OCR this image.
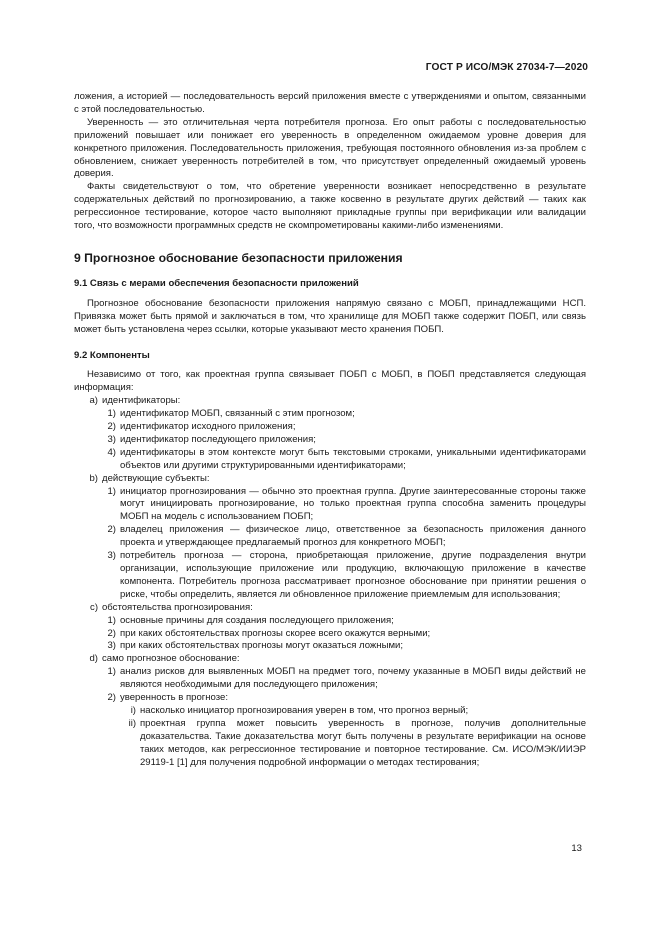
ГОСТ Р ИСО/МЭК 27034-7—2020

ложения, а историей — последовательность версий приложения вместе с утверждениями и опытом, связанными с этой последовательностью.

Уверенность — это отличительная черта потребителя прогноза. Его опыт работы с последовательностью приложений повышает или понижает его уверенность в определенном ожидаемом уровне доверия для конкретного приложения. Последовательность приложения, требующая постоянного обновления из-за проблем с обновлением, снижает уверенность потребителей в том, что присутствует определенный ожидаемый уровень доверия.

Факты свидетельствуют о том, что обретение уверенности возникает непосредственно в результате содержательных действий по прогнозированию, а также косвенно в результате других действий — таких как регрессионное тестирование, которое часто выполняют прикладные группы при верификации или валидации того, что возможности программных средств не скомпрометированы какими-либо изменениями.

9 Прогнозное обоснование безопасности приложения
9.1 Связь с мерами обеспечения безопасности приложений

Прогнозное обоснование безопасности приложения напрямую связано с МОБП, принадлежащими НСП. Привязка может быть прямой и заключаться в том, что хранилище для МОБП также содержит ПОБП, или связь может быть установлена через ссылки, которые указывают место хранения ПОБП.

9.2 Компоненты

Независимо от того, как проектная группа связывает ПОБП с МОБП, в ПОБП представляется следующая информация:

a) идентификаторы:
1) идентификатор МОБП, связанный с этим прогнозом;
2) идентификатор исходного приложения;
3) идентификатор последующего приложения;
4) идентификаторы в этом контексте могут быть текстовыми строками, уникальными идентификаторами объектов или другими структурированными идентификаторами;
b) действующие субъекты:
1) инициатор прогнозирования — обычно это проектная группа. Другие заинтересованные стороны также могут инициировать прогнозирование, но только проектная группа способна заменить процедуры МОБП на модель с использованием ПОБП;
2) владелец приложения — физическое лицо, ответственное за безопасность приложения данного проекта и утверждающее предлагаемый прогноз для конкретного МОБП;
3) потребитель прогноза — сторона, приобретающая приложение, другие подразделения внутри организации, использующие приложение или продукцию, включающую приложение в качестве компонента. Потребитель прогноза рассматривает прогнозное обоснование при принятии решения о риске, чтобы определить, является ли обновленное приложение приемлемым для использования;
c) обстоятельства прогнозирования:
1) основные причины для создания последующего приложения;
2) при каких обстоятельствах прогнозы скорее всего окажутся верными;
3) при каких обстоятельствах прогнозы могут оказаться ложными;
d) само прогнозное обоснование:
1) анализ рисков для выявленных МОБП на предмет того, почему указанные в МОБП виды действий не являются необходимыми для последующего приложения;
2) уверенность в прогнозе:
i) насколько инициатор прогнозирования уверен в том, что прогноз верный;
ii) проектная группа может повысить уверенность в прогнозе, получив дополнительные доказательства. Такие доказательства могут быть получены в результате верификации на основе таких методов, как регрессионное тестирование и повторное тестирование. См. ИСО/МЭК/ИИЭР 29119-1 [1] для получения подробной информации о методах тестирования;
13
